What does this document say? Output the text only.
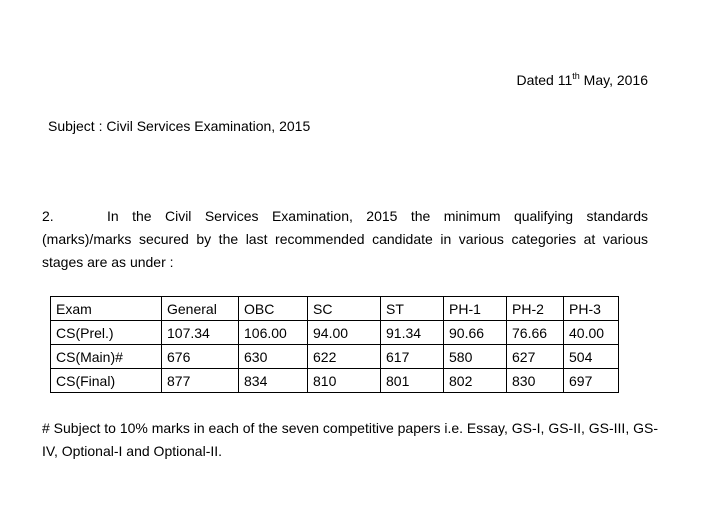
Dated 11th May, 2016
Subject : Civil Services Examination, 2015
2.	In the Civil Services Examination, 2015 the minimum qualifying standards (marks)/marks secured by the last recommended candidate in various categories at various stages are as under :
Exam	General	OBC	SC	ST	PH-1	PH-2	PH-3
CS(Prel.)	107.34	106.00	94.00	91.34	90.66	76.66	40.00
CS(Main)#	676	630	622	617	580	627	504
CS(Final)	877	834	810	801	802	830	697
# Subject to 10% marks in each of the seven competitive papers i.e. Essay, GS-I, GS-II, GS-III, GS-IV, Optional-I and Optional-II.
